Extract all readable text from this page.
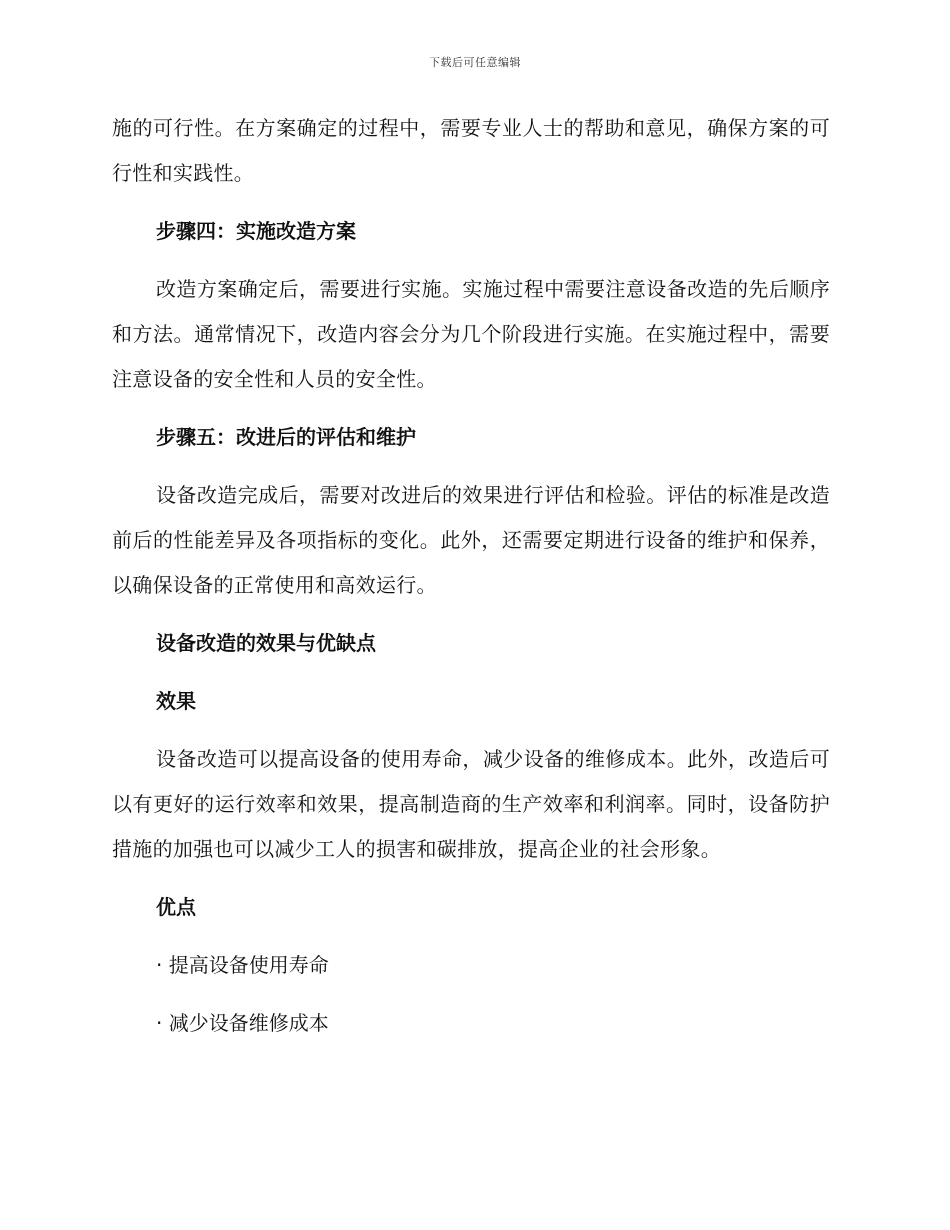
下载后可任意编辑

施的可行性。在方案确定的过程中，需要专业人士的帮助和意见，确保方案的可行性和实践性。

步骤四：实施改造方案

改造方案确定后，需要进行实施。实施过程中需要注意设备改造的先后顺序和方法。通常情况下，改造内容会分为几个阶段进行实施。在实施过程中，需要注意设备的安全性和人员的安全性。

步骤五：改进后的评估和维护

设备改造完成后，需要对改进后的效果进行评估和检验。评估的标准是改造前后的性能差异及各项指标的变化。此外，还需要定期进行设备的维护和保养，以确保设备的正常使用和高效运行。

设备改造的效果与优缺点

效果

设备改造可以提高设备的使用寿命，减少设备的维修成本。此外，改造后可以有更好的运行效率和效果，提高制造商的生产效率和利润率。同时，设备防护措施的加强也可以减少工人的损害和碳排放，提高企业的社会形象。

优点

· 提高设备使用寿命

· 减少设备维修成本
